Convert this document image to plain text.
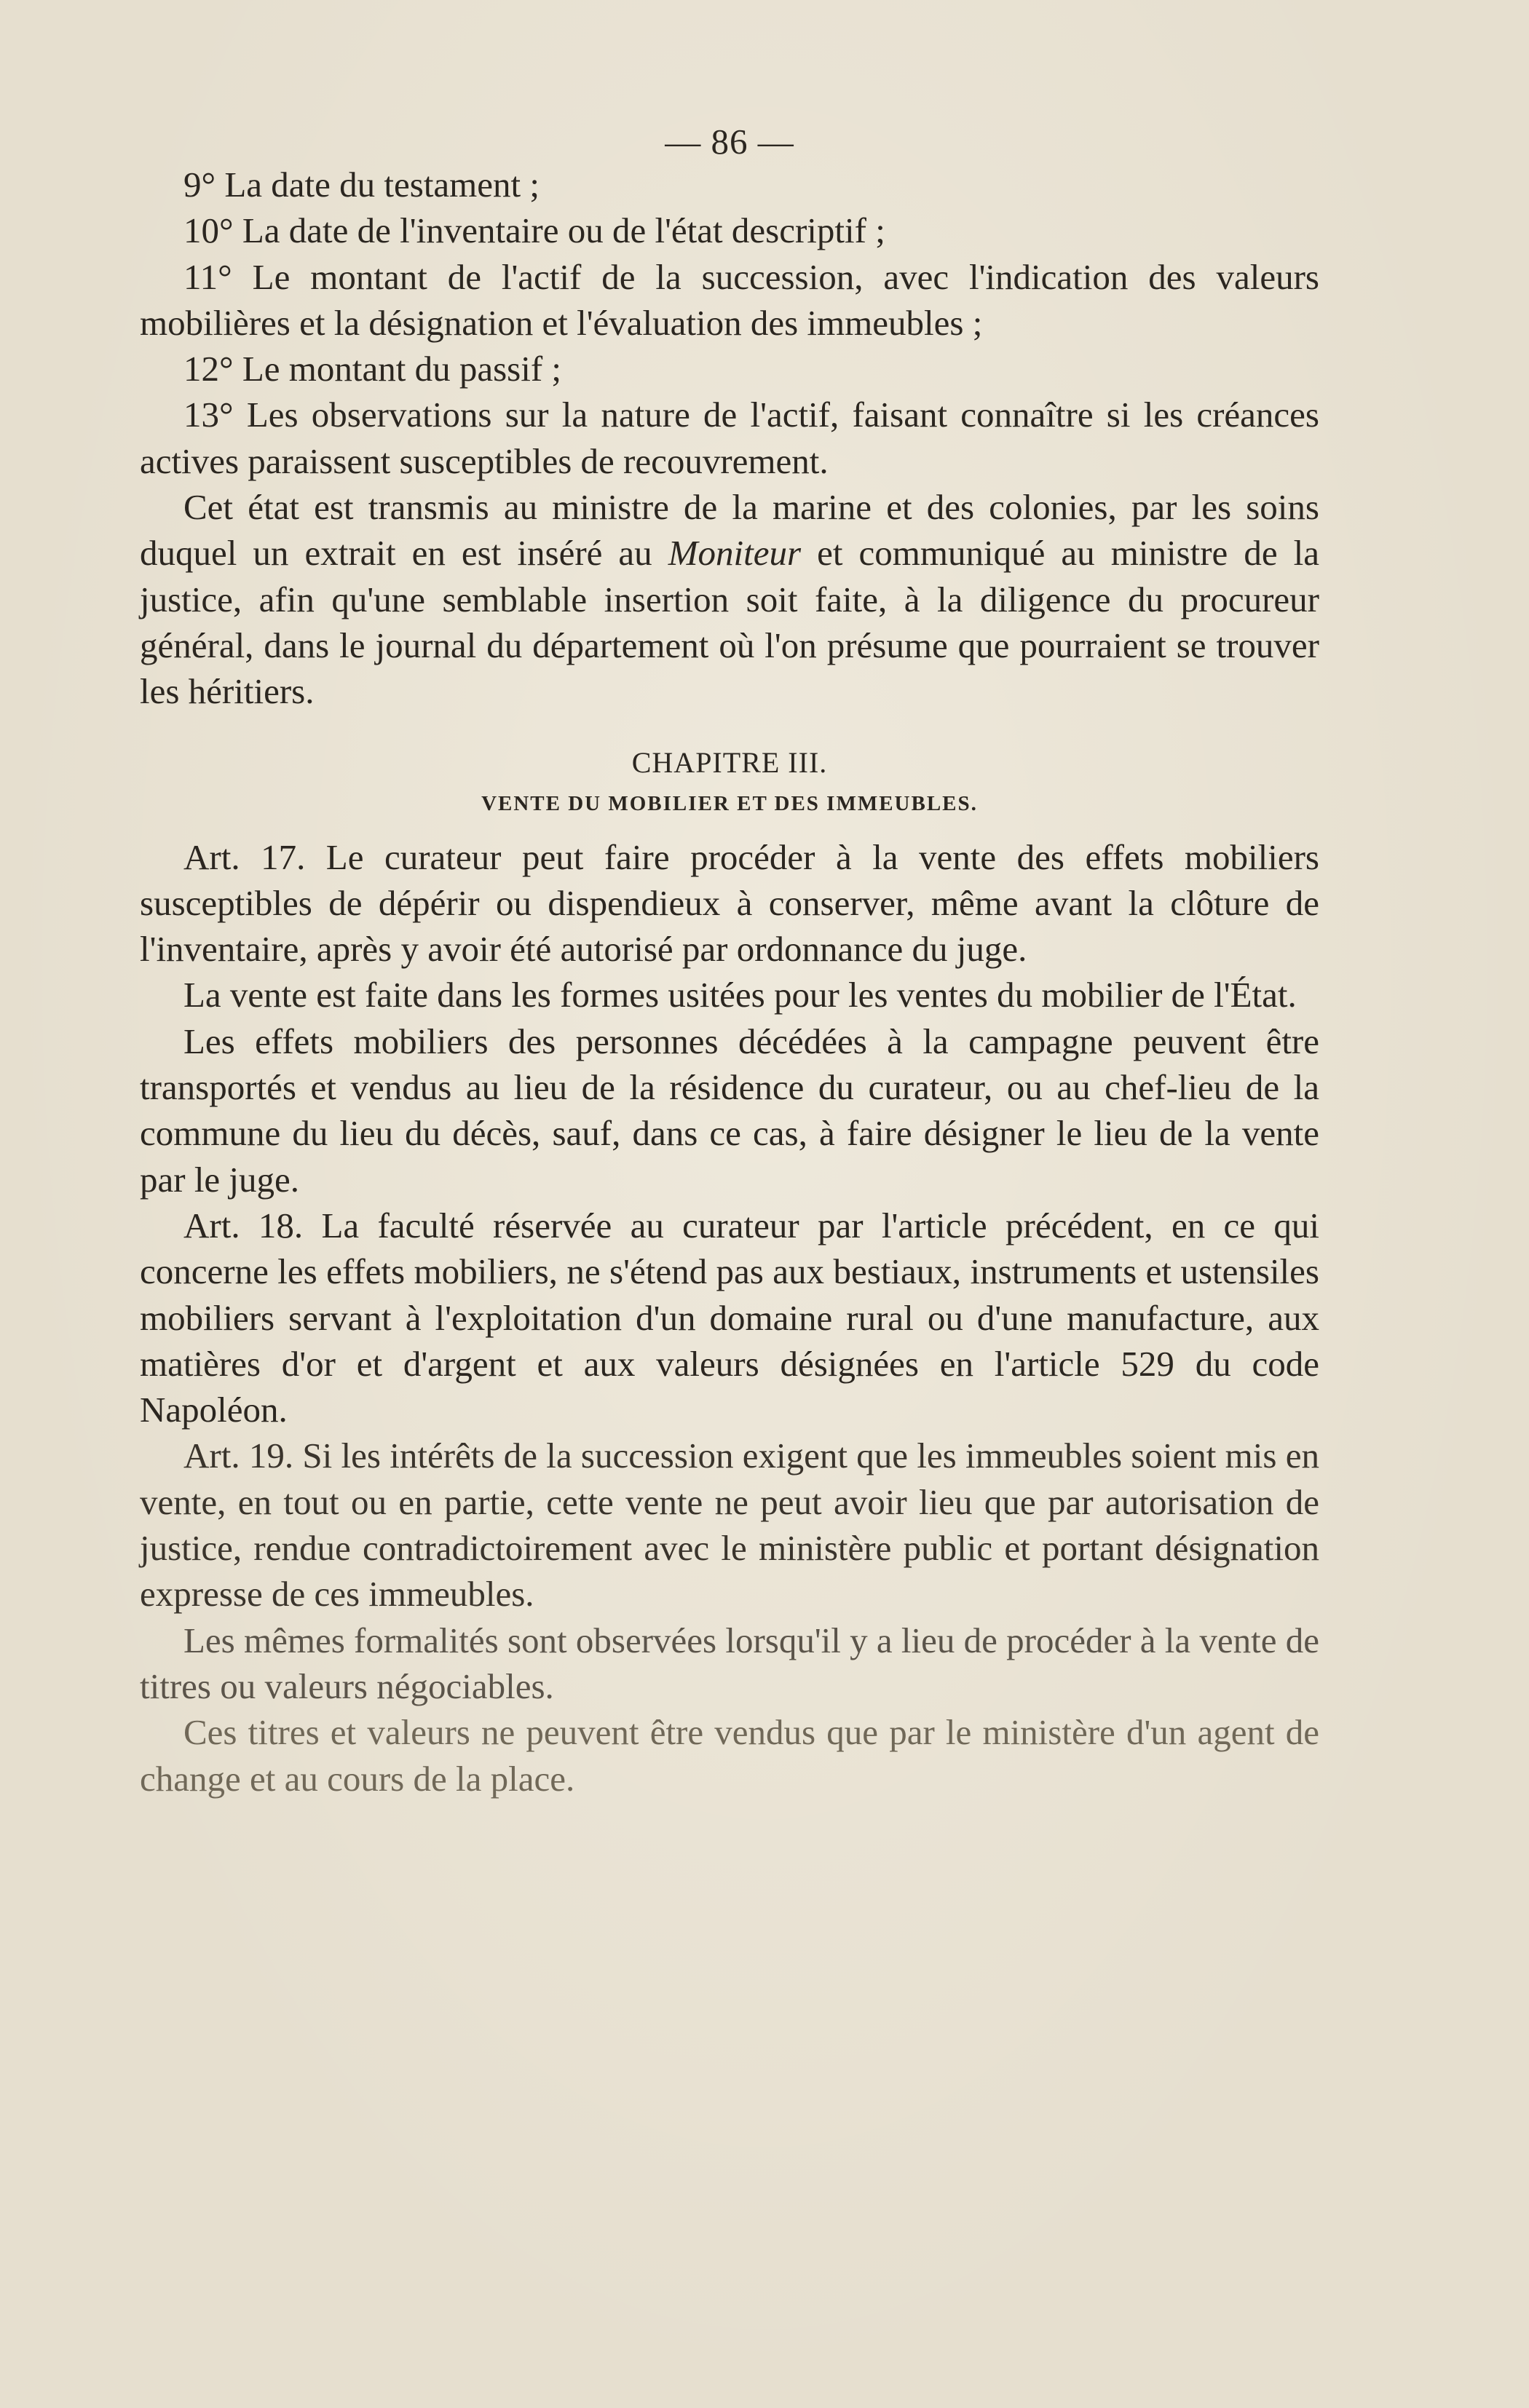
— 86 —

9° La date du testament ;

10° La date de l'inventaire ou de l'état descriptif ;

11° Le montant de l'actif de la succession, avec l'indication des valeurs mobilières et la désignation et l'évaluation des immeubles ;

12° Le montant du passif ;

13° Les observations sur la nature de l'actif, faisant connaître si les créances actives paraissent susceptibles de recouvrement.

Cet état est transmis au ministre de la marine et des colonies, par les soins duquel un extrait en est inséré au Moniteur et communiqué au ministre de la justice, afin qu'une semblable insertion soit faite, à la diligence du procureur général, dans le journal du département où l'on présume que pourraient se trouver les héritiers.

CHAPITRE III.
VENTE DU MOBILIER ET DES IMMEUBLES.

Art. 17. Le curateur peut faire procéder à la vente des effets mobiliers susceptibles de dépérir ou dispendieux à conserver, même avant la clôture de l'inventaire, après y avoir été autorisé par ordonnance du juge.

La vente est faite dans les formes usitées pour les ventes du mobilier de l'État.

Les effets mobiliers des personnes décédées à la campagne peuvent être transportés et vendus au lieu de la résidence du curateur, ou au chef-lieu de la commune du lieu du décès, sauf, dans ce cas, à faire désigner le lieu de la vente par le juge.

Art. 18. La faculté réservée au curateur par l'article précédent, en ce qui concerne les effets mobiliers, ne s'étend pas aux bestiaux, instruments et ustensiles mobiliers servant à l'exploitation d'un domaine rural ou d'une manufacture, aux matières d'or et d'argent et aux valeurs désignées en l'article 529 du code Napoléon.

Art. 19. Si les intérêts de la succession exigent que les immeubles soient mis en vente, en tout ou en partie, cette vente ne peut avoir lieu que par autorisation de justice, rendue contradictoirement avec le ministère public et portant désignation expresse de ces immeubles.

Les mêmes formalités sont observées lorsqu'il y a lieu de procéder à la vente de titres ou valeurs négociables.

Ces titres et valeurs ne peuvent être vendus que par le ministère d'un agent de change et au cours de la place.
